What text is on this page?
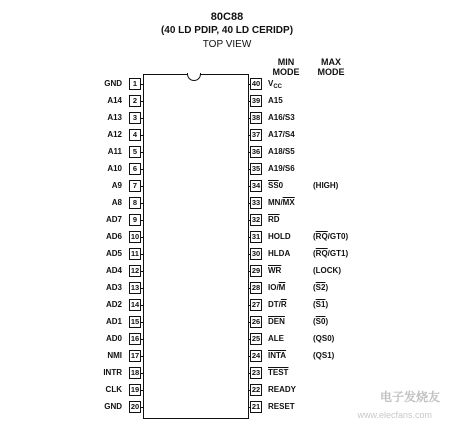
80C88
(40 LD PDIP, 40 LD CERIDP)
TOP VIEW
MIN
MODE
MAX
MODE
GND	1
A14	2
A13	3
A12	4
A11	5
A10	6
A9	7
A8	8
AD7	9
AD6 10
AD5 11
AD4 12
AD3 13
AD2 14
AD1 15
AD0 16
NMI 17
INTR 18
CLK 19
GND 20
40 $V_{CC}$
39 A15
38 A16/S3
37 A17/S4
36 A18/S5
35 A19/S6
34 $\overline{SS}0$	(HIGH)
33 $MN/\overline{MX}$
32 $\overline{RD}$
31 HOLD	$(\overline{RQ}/GT0)$
30 HLDA	$(\overline{RQ}/GT1)$
29 $\overline{WR}$	(LOCK)
28 $IO/\overline{M}$	(S2)
27 $DT/\overline{R}$	(S1)
26 $\overline{DEN}$	(S0)
25 ALE	(QS0)
24 INTA	(QS1)
23 TEST
22 READY
21 RESET
电子发烧友
www.elecfans.com
